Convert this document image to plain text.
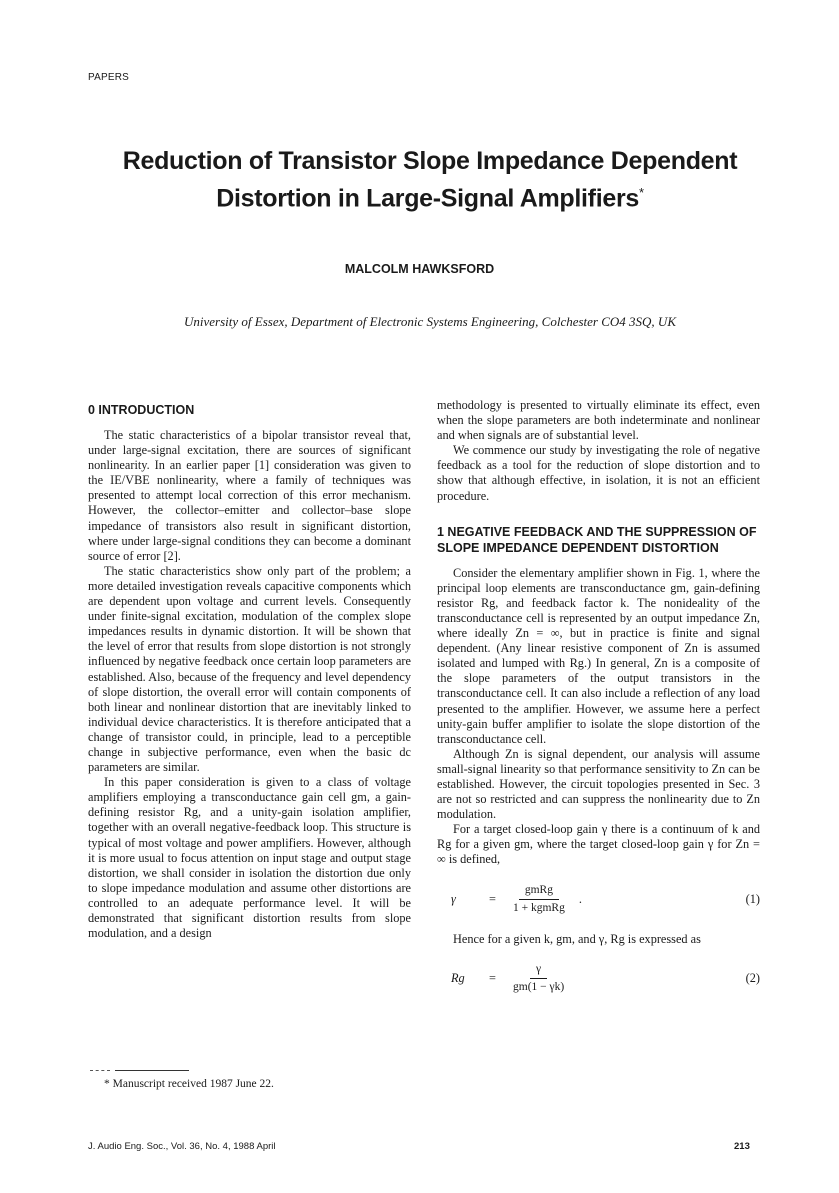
PAPERS
Reduction of Transistor Slope Impedance Dependent
Distortion in Large-Signal Amplifiers*
MALCOLM HAWKSFORD
University of Essex, Department of Electronic Systems Engineering, Colchester CO4 3SQ, UK
0 INTRODUCTION

The static characteristics of a bipolar transistor reveal that, under large-signal excitation, there are sources of significant nonlinearity. In an earlier paper [1] consideration was given to the IE/VBE nonlinearity, where a family of techniques was presented to attempt local correction of this error mechanism. However, the collector–emitter and collector–base slope impedance of transistors also result in significant distortion, where under large-signal conditions they can become a dominant source of error [2].

The static characteristics show only part of the problem; a more detailed investigation reveals capacitive components which are dependent upon voltage and current levels. Consequently under finite-signal excitation, modulation of the complex slope impedances results in dynamic distortion. It will be shown that the level of error that results from slope distortion is not strongly influenced by negative feedback once certain loop parameters are established. Also, because of the frequency and level dependency of slope distortion, the overall error will contain components of both linear and nonlinear distortion that are inevitably linked to individual device characteristics. It is therefore anticipated that a change of transistor could, in principle, lead to a perceptible change in subjective performance, even when the basic dc parameters are similar.

In this paper consideration is given to a class of voltage amplifiers employing a transconductance gain cell gm, a gain-defining resistor Rg, and a unity-gain isolation amplifier, together with an overall negative-feedback loop. This structure is typical of most voltage and power amplifiers. However, although it is more usual to focus attention on input stage and output stage distortion, we shall consider in isolation the distortion due only to slope impedance modulation and assume other distortions are controlled to an adequate performance level. It will be demonstrated that significant distortion results from slope modulation, and a design

methodology is presented to virtually eliminate its effect, even when the slope parameters are both indeterminate and nonlinear and when signals are of substantial level.

We commence our study by investigating the role of negative feedback as a tool for the reduction of slope distortion and to show that although effective, in isolation, it is not an efficient procedure.

1 NEGATIVE FEEDBACK AND THE SUPPRESSION OF SLOPE IMPEDANCE DEPENDENT DISTORTION

Consider the elementary amplifier shown in Fig. 1, where the principal loop elements are transconductance gm, gain-defining resistor Rg, and feedback factor k. The nonideality of the transconductance cell is represented by an output impedance Zn, where ideally Zn = ∞, but in practice is finite and signal dependent. (Any linear resistive component of Zn is assumed isolated and lumped with Rg.) In general, Zn is a composite of the slope parameters of the output transistors in the transconductance cell. It can also include a reflection of any load presented to the amplifier. However, we assume here a perfect unity-gain buffer amplifier to isolate the slope distortion of the transconductance cell.

Although Zn is signal dependent, our analysis will assume small-signal linearity so that performance sensitivity to Zn can be established. However, the circuit topologies presented in Sec. 3 are not so restricted and can suppress the nonlinearity due to Zn modulation.

For a target closed-loop gain γ there is a continuum of k and Rg for a given gm, where the target closed-loop gain γ for Zn = ∞ is defined,

γ	= $\frac{\text{gmRg}}{\text{1 + kgmRg}}$ .	(1)

Hence for a given k, gm, and γ, Rg is expressed as

Rg	= $\frac{\gamma}{gm(1 - \gamma k)}$	(2)
* Manuscript received 1987 June 22.
J. Audio Eng. Soc., Vol. 36, No. 4, 1988 April	213
